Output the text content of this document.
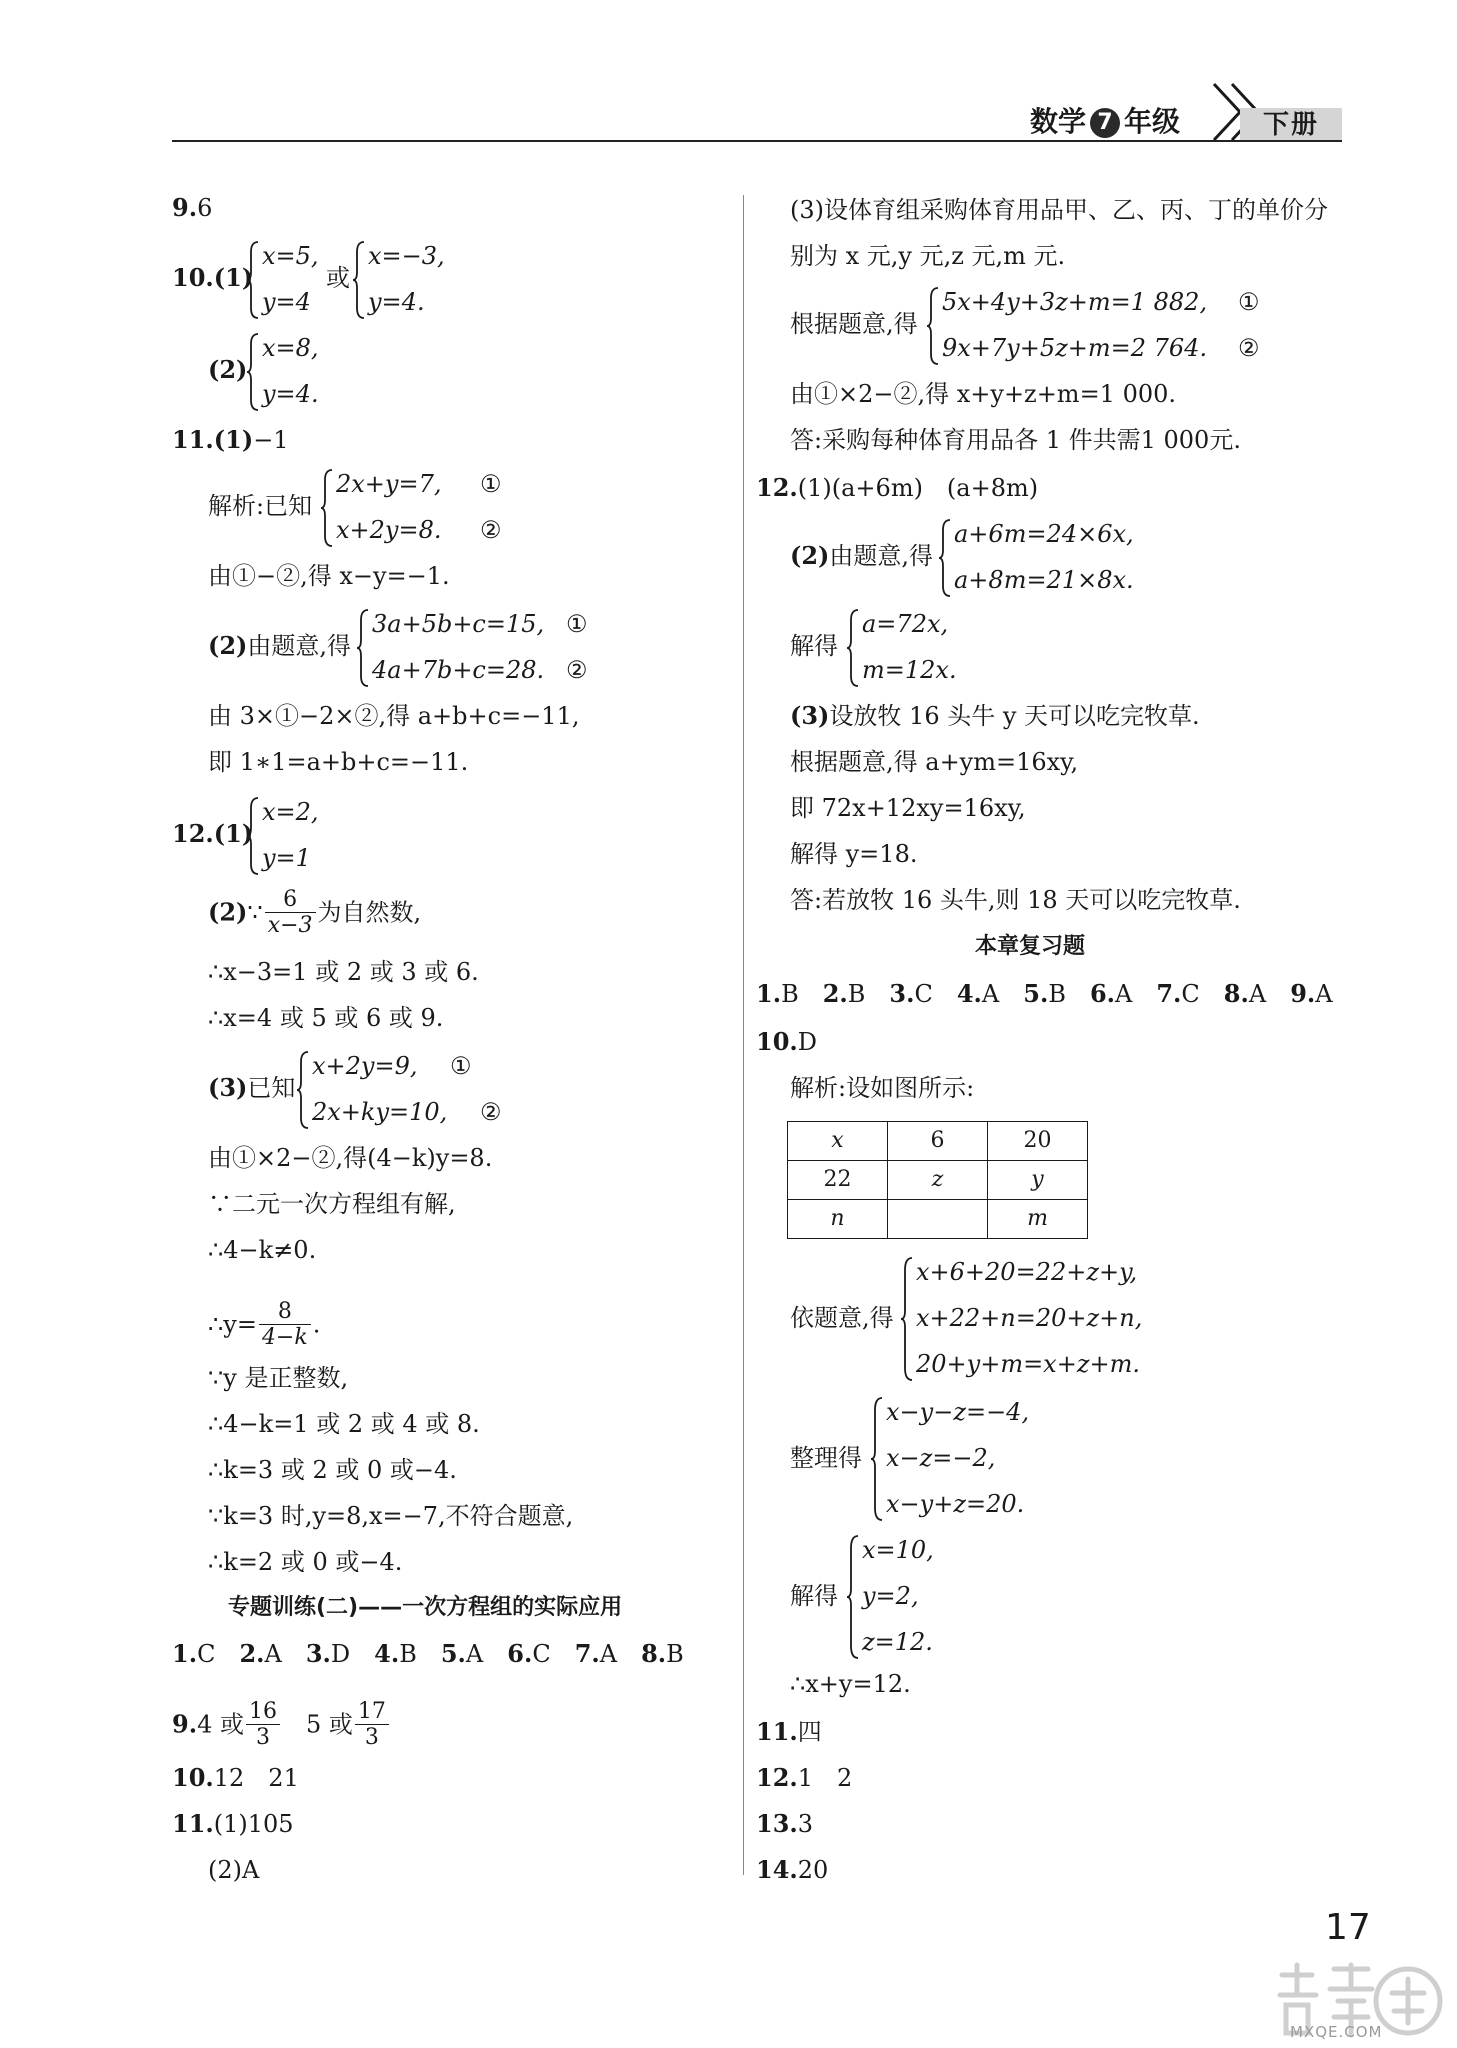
数学 7 年级	下册
9.6
10.(1)
x=5,
y=4
或
x=−3,
y=4.
(2)
x=8,
y=4.
11.(1)−1
解析:已知
2x+y=7,
x+2y=8.
①
②
由①−②,得 x−y=−1.
(2)由题意,得
3a+5b+c=15,
4a+7b+c=28.
①
②
由 3×①−2×②,得 a+b+c=−11,
即 1∗1=a+b+c=−11.
12.(1)
x=2,
y=1
(2)∵ $\frac{6}{x-3}$ 为自然数,
∴x−3=1 或 2 或 3 或 6.
∴x=4 或 5 或 6 或 9.
(3)已知
x+2y=9,
2x+ky=10,
①
②
由①×2−②,得(4−k)y=8.
∵二元一次方程组有解,
∴4−k≠0.
∴y= $\frac{8}{4-k}$ .
∵y 是正整数,
∴4−k=1 或 2 或 4 或 8.
∴k=3 或 2 或 0 或−4.
∵k=3 时,y=8,x=−7,不符合题意,
∴k=2 或 0 或−4.
专题训练(二)——一次方程组的实际应用
1.C　 2.A　 3.D　 4.B　 5.A　 6.C　 7.A　 8.B
9.4 或 $\frac{16}{3}$
　 5 或 $\frac{17}{3}$
10.12　21
11.(1)105
(2)A
(3)设体育组采购体育用品甲、乙、丙、丁的单价分
别为 x 元,y 元,z 元,m 元.
根据题意,得
5x+4y+3z+m=1 882,
9x+7y+5z+m=2 764.
①
②
由①×2−②,得 x+y+z+m=1 000.
答:采购每种体育用品各 1 件共需1 000元.
12.(1)(a+6m)　(a+8m)
(2)由题意,得
a+6m=24×6x,
a+8m=21×8x.
解得
a=72x,
m=12x.
(3)设放牧 16 头牛 y 天可以吃完牧草.
根据题意,得 a+ym=16xy,
即 72x+12xy=16xy,
解得 y=18.
答:若放牧 16 头牛,则 18 天可以吃完牧草.
本章复习题
1.B　 2.B　 3.C　 4.A　 5.B　 6.A　 7.C　 8.A　 9.A
10.D
解析:设如图所示:
x	6	20
22	z	y
n		m
依题意,得
x+6+20=22+z+y,
x+22+n=20+z+n,
20+y+m=x+z+m.
整理得
x−y−z=−4,
x−z=−2,
x−y+z=20.
解得
x=10,
y=2,
z=12.
∴x+y=12.
11.四
12.1　2
13.3
14.20
17
MXQE.COM
